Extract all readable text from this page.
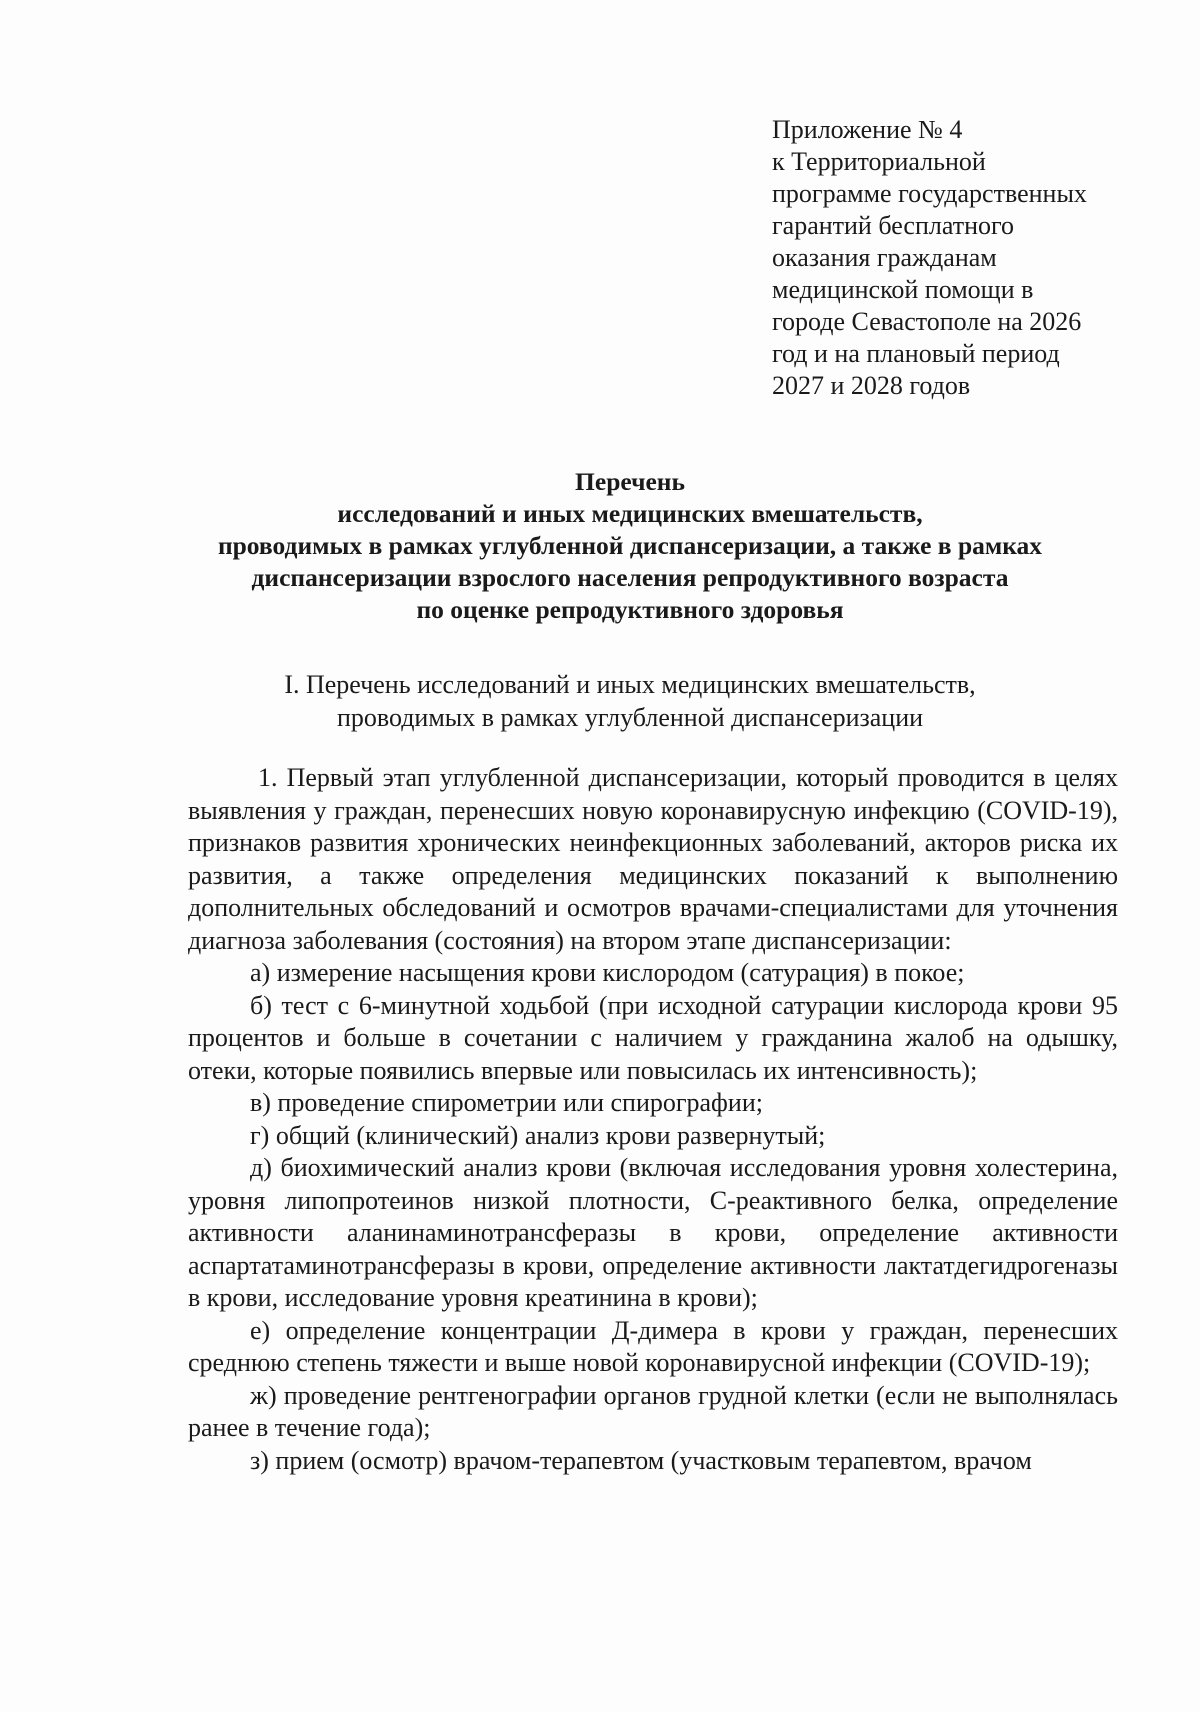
Приложение № 4
к Территориальной
программе государственных
гарантий бесплатного
оказания гражданам
медицинской помощи в
городе Севастополе на 2026
год и на плановый период
2027 и 2028 годов
Перечень
исследований и иных медицинских вмешательств,
проводимых в рамках углубленной диспансеризации, а также в рамках
диспансеризации взрослого населения репродуктивного возраста
по оценке репродуктивного здоровья
I. Перечень исследований и иных медицинских вмешательств,
проводимых в рамках углубленной диспансеризации

1. Первый этап углубленной диспансеризации, который проводится в целях выявления у граждан, перенесших новую коронавирусную инфекцию (COVID-19), признаков развития хронических неинфекционных заболеваний, акторов риска их развития, а также определения медицинских показаний к выполнению дополнительных обследований и осмотров врачами-специалистами для уточнения диагноза заболевания (состояния) на втором этапе диспансеризации:

а) измерение насыщения крови кислородом (сатурация) в покое;

б) тест с 6-минутной ходьбой (при исходной сатурации кислорода крови 95 процентов и больше в сочетании с наличием у гражданина жалоб на одышку, отеки, которые появились впервые или повысилась их интенсивность);

в) проведение спирометрии или спирографии;

г) общий (клинический) анализ крови развернутый;

д) биохимический анализ крови (включая исследования уровня холестерина, уровня липопротеинов низкой плотности, С-реактивного белка, определение активности аланинаминотрансферазы в крови, определение активности аспартатаминотрансферазы в крови, определение активности лактатдегидрогеназы в крови, исследование уровня креатинина в крови);

е) определение концентрации Д-димера в крови у граждан, перенесших среднюю степень тяжести и выше новой коронавирусной инфекции (COVID-19);

ж) проведение рентгенографии органов грудной клетки (если не выполнялась ранее в течение года);

з) прием (осмотр) врачом-терапевтом (участковым терапевтом, врачом
